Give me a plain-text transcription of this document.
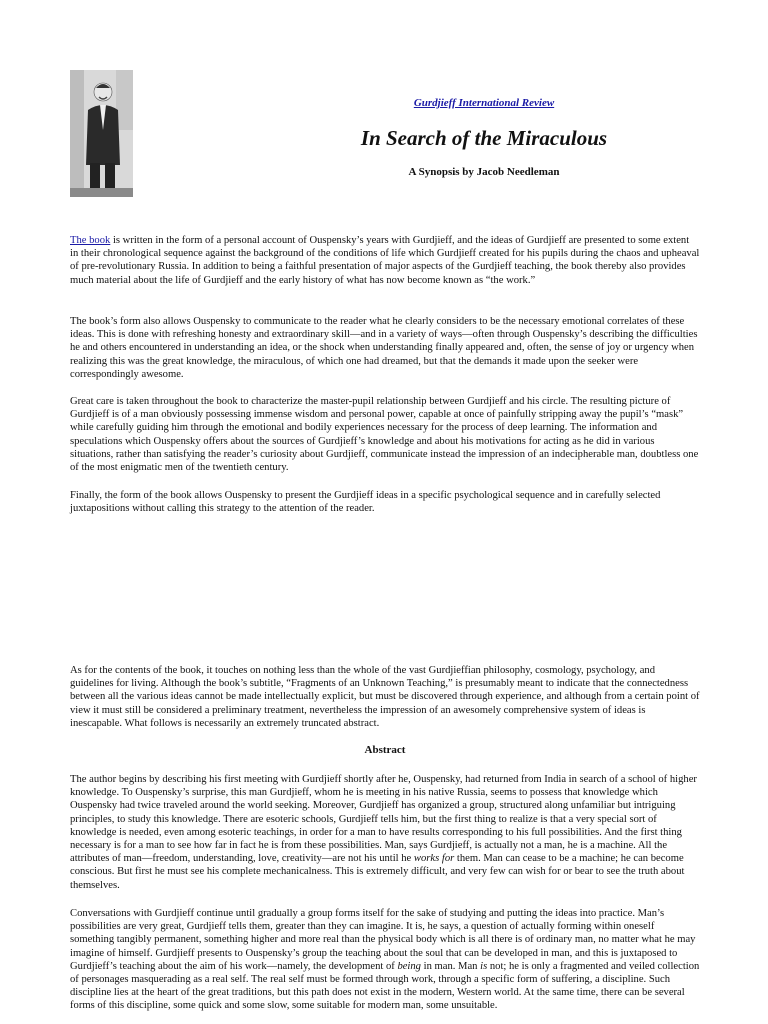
Gurdjieff International Review
In Search of the Miraculous
A Synopsis by Jacob Needleman

The book is written in the form of a personal account of Ouspensky’s years with Gurdjieff, and the ideas of Gurdjieff are presented to some extent in their chronological sequence against the background of the conditions of life which Gurdjieff created for his pupils during the chaos and upheaval of pre-revolutionary Russia. In addition to being a faithful presentation of major aspects of the Gurdjieff teaching, the book thereby also provides much material about the life of Gurdjieff and the early history of what has now become known as “the work.”

The book’s form also allows Ouspensky to communicate to the reader what he clearly considers to be the necessary emotional correlates of these ideas. This is done with refreshing honesty and extraordinary skill—and in a variety of ways—often through Ouspensky’s describing the difficulties he and others encountered in understanding an idea, or the shock when understanding finally appeared and, often, the sense of joy or urgency when realizing this was the great knowledge, the miraculous, of which one had dreamed, but that the demands it made upon the seeker were correspondingly awesome.

Great care is taken throughout the book to characterize the master-pupil relationship between Gurdjieff and his circle. The resulting picture of Gurdjieff is of a man obviously possessing immense wisdom and personal power, capable at once of painfully stripping away the pupil’s “mask” while carefully guiding him through the emotional and bodily experiences necessary for the process of deep learning. The information and speculations which Ouspensky offers about the sources of Gurdjieff’s knowledge and about his motivations for acting as he did in various situations, rather than satisfying the reader’s curiosity about Gurdjieff, communicate instead the impression of an indecipherable man, doubtless one of the most enigmatic men of the twentieth century.

Finally, the form of the book allows Ouspensky to present the Gurdjieff ideas in a specific psychological sequence and in carefully selected juxtapositions without calling this strategy to the attention of the reader.

As for the contents of the book, it touches on nothing less than the whole of the vast Gurdjieffian philosophy, cosmology, psychology, and guidelines for living. Although the book’s subtitle, “Fragments of an Unknown Teaching,” is presumably meant to indicate that the connectedness between all the various ideas cannot be made intellectually explicit, but must be discovered through experience, and although from a certain point of view it must still be considered a preliminary treatment, nevertheless the impression of an awesomely comprehensive system of ideas is inescapable. What follows is necessarily an extremely truncated abstract.

Abstract

The author begins by describing his first meeting with Gurdjieff shortly after he, Ouspensky, had returned from India in search of a school of higher knowledge. To Ouspensky’s surprise, this man Gurdjieff, whom he is meeting in his native Russia, seems to possess that knowledge which Ouspensky had twice traveled around the world seeking. Moreover, Gurdjieff has organized a group, structured along unfamiliar but intriguing principles, to study this knowledge. There are esoteric schools, Gurdjieff tells him, but the first thing to realize is that a very special sort of knowledge is needed, even among esoteric teachings, in order for a man to have results corresponding to his full possibilities. And the first thing necessary is for a man to see how far in fact he is from these possibilities. Man, says Gurdjieff, is actually not a man, he is a machine. All the attributes of man—freedom, understanding, love, creativity—are not his until he works for them. Man can cease to be a machine; he can become conscious. But first he must see his complete mechanicalness. This is extremely difficult, and very few can wish for or bear to see the truth about themselves.

Conversations with Gurdjieff continue until gradually a group forms itself for the sake of studying and putting the ideas into practice. Man’s possibilities are very great, Gurdjieff tells them, greater than they can imagine. It is, he says, a question of actually forming within oneself something tangibly permanent, something higher and more real than the physical body which is all there is of ordinary man, no matter what he may imagine of himself. Gurdjieff presents to Ouspensky’s group the teaching about the soul that can be developed in man, and this is juxtaposed to Gurdjieff’s teaching about the aim of his work—namely, the development of being in man. Man is not; he is only a fragmented and veiled collection of personages masquerading as a real self. The real self must be formed through work, through a specific form of suffering, a discipline. Such discipline lies at the heart of the great traditions, but this path does not exist in the modern, Western world. At the same time, there can be several forms of this discipline, some quick and some slow, some suitable for modern man, some unsuitable.
